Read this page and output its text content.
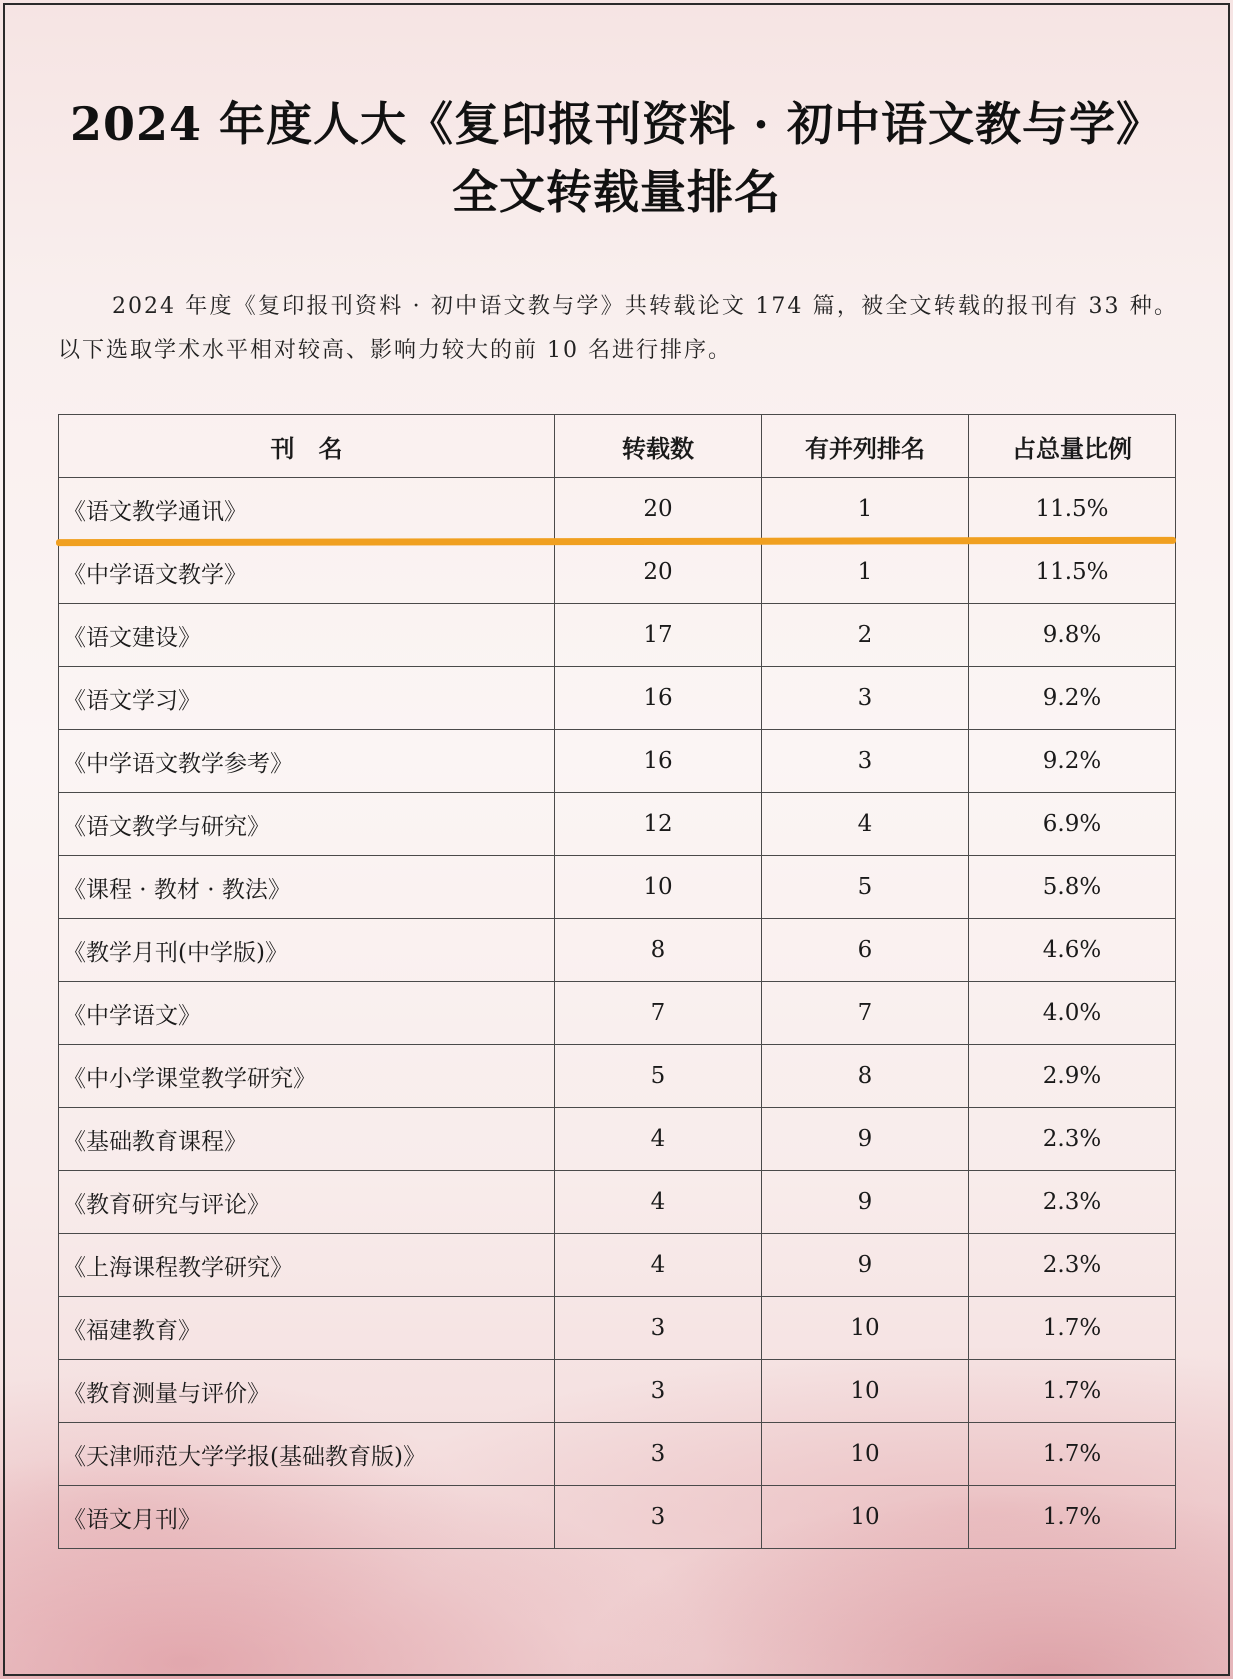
2024 年度人大《复印报刊资料 · 初中语文教与学》
全文转载量排名
2024 年度《复印报刊资料 · 初中语文教与学》共转载论文 174 篇，被全文转载的报刊有 33 种。以下选取学术水平相对较高、影响力较大的前 10 名进行排序。
刊　名	转载数	有并列排名	占总量比例
《语文教学通讯》	20	1	11.5%
《中学语文教学》	20	1	11.5%
《语文建设》	17	2	9.8%
《语文学习》	16	3	9.2%
《中学语文教学参考》	16	3	9.2%
《语文教学与研究》	12	4	6.9%
《课程 · 教材 · 教法》	10	5	5.8%
《教学月刊(中学版)》	8	6	4.6%
《中学语文》	7	7	4.0%
《中小学课堂教学研究》	5	8	2.9%
《基础教育课程》	4	9	2.3%
《教育研究与评论》	4	9	2.3%
《上海课程教学研究》	4	9	2.3%
《福建教育》	3	10	1.7%
《教育测量与评价》	3	10	1.7%
《天津师范大学学报(基础教育版)》	3	10	1.7%
《语文月刊》	3	10	1.7%
